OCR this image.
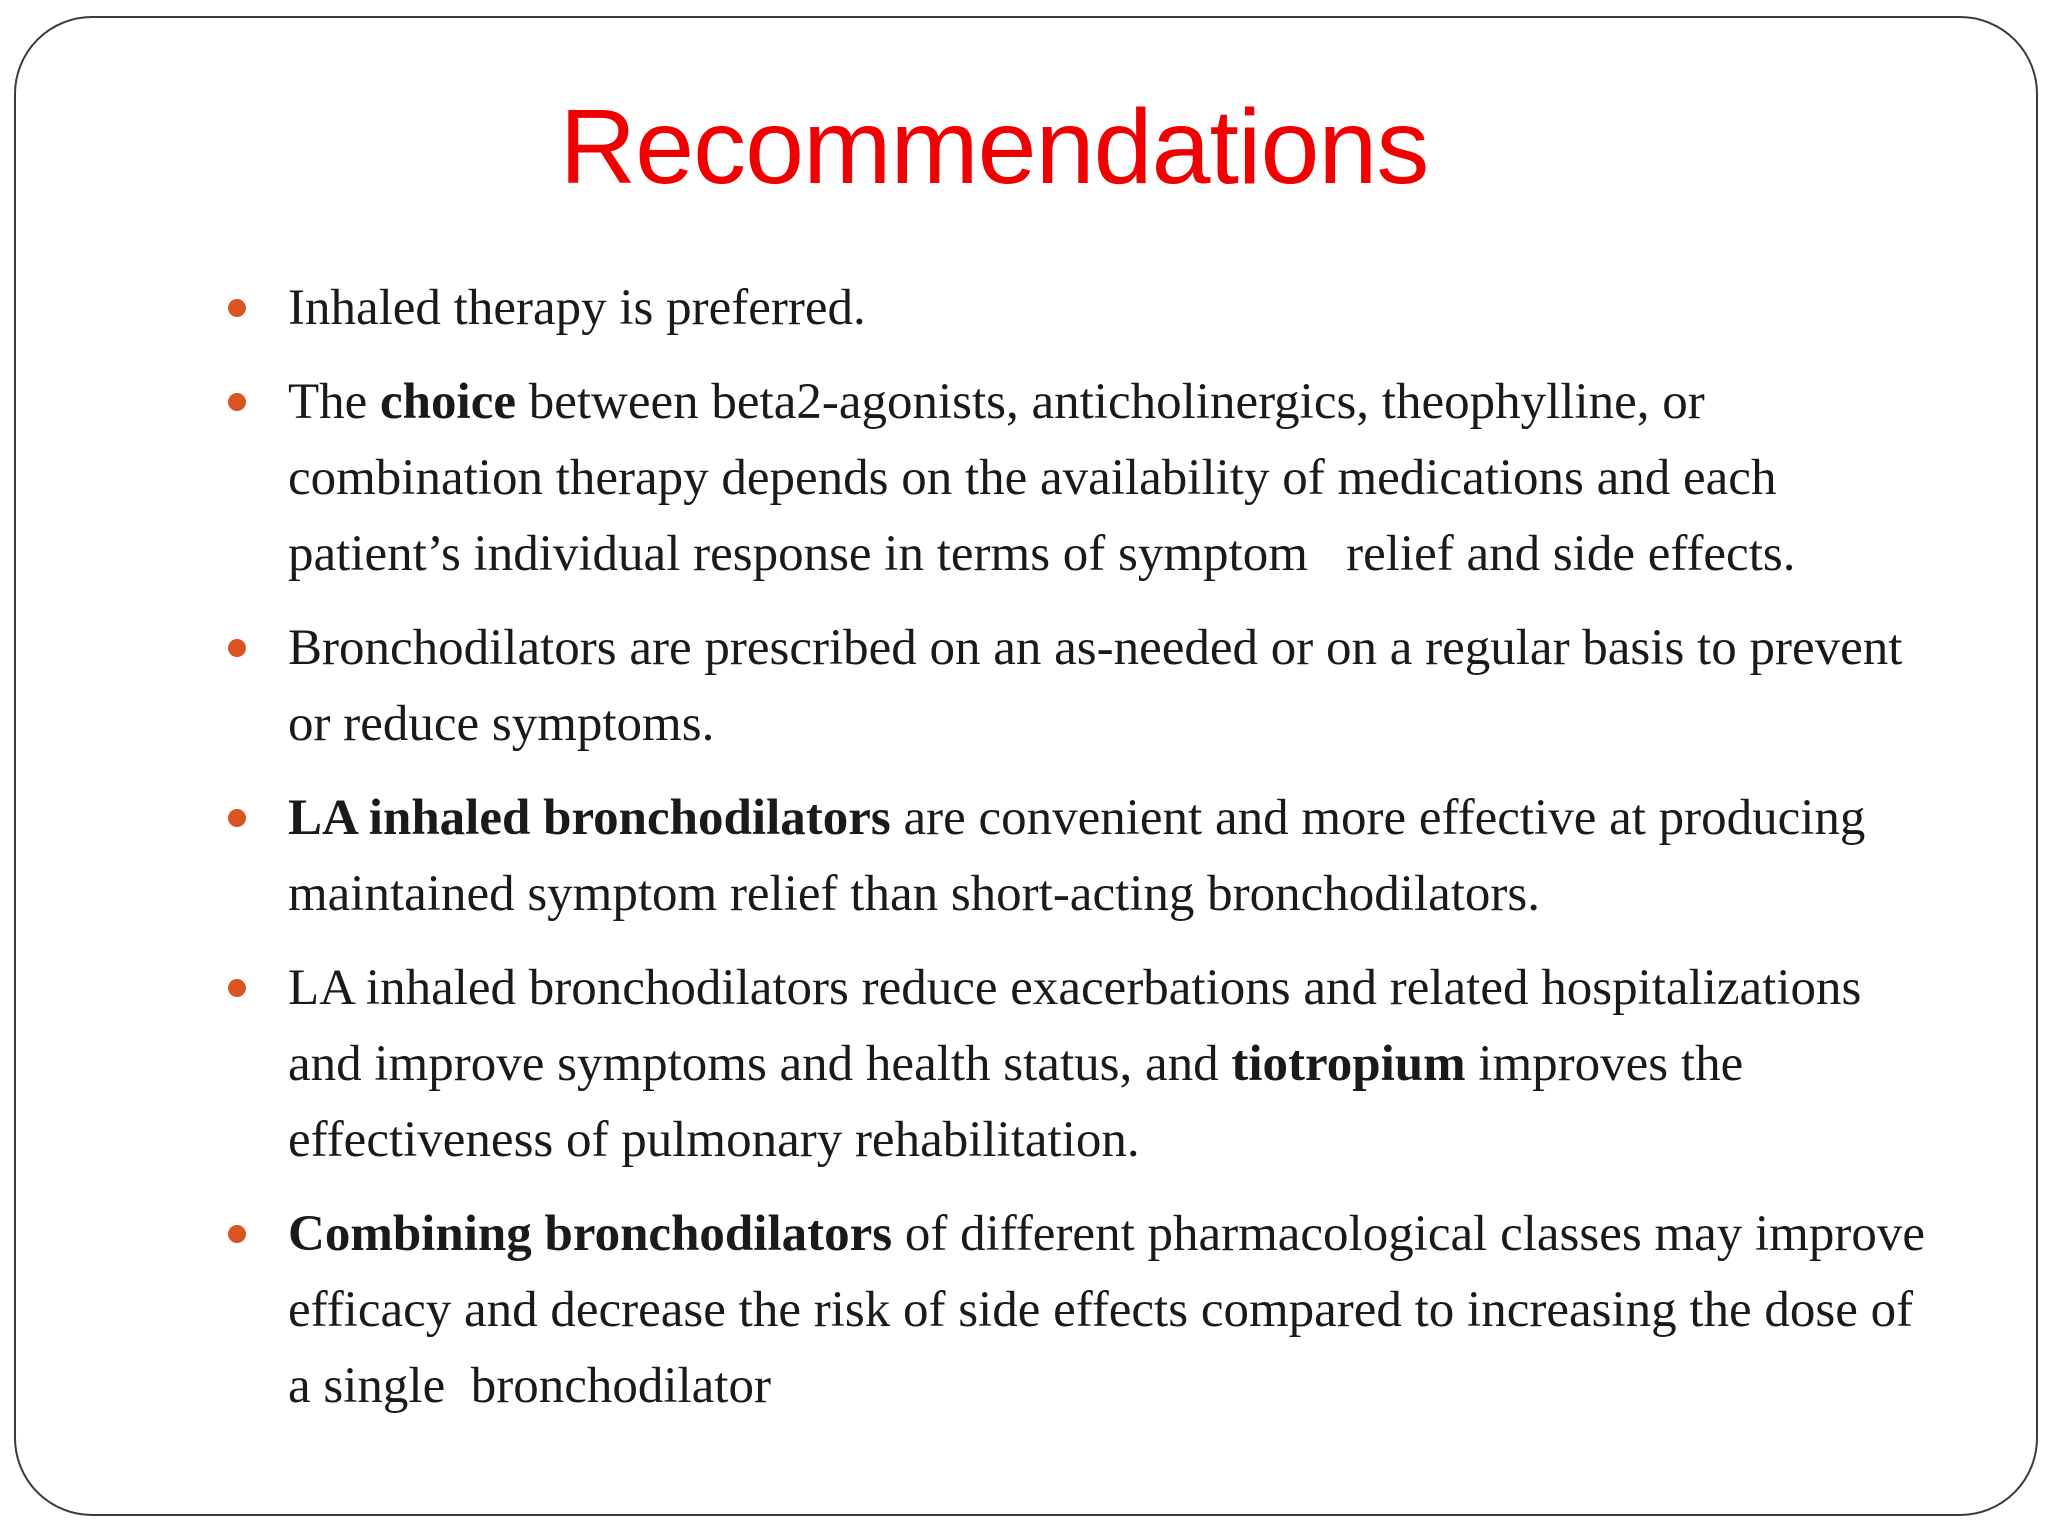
Recommendations
Inhaled therapy is preferred.
The choice between beta2-agonists, anticholinergics, theophylline, or combination therapy depends on the availability of medications and each patient’s individual response in terms of symptom   relief and side effects.
Bronchodilators are prescribed on an as-needed or on a regular basis to prevent or reduce symptoms.
LA inhaled bronchodilators are convenient and more effective at producing maintained symptom relief than short-acting bronchodilators.
LA inhaled bronchodilators reduce exacerbations and related hospitalizations and improve symptoms and health status, and tiotropium improves the effectiveness of pulmonary rehabilitation.
Combining bronchodilators of different pharmacological classes may improve efficacy and decrease the risk of side effects compared to increasing the dose of a single  bronchodilator
